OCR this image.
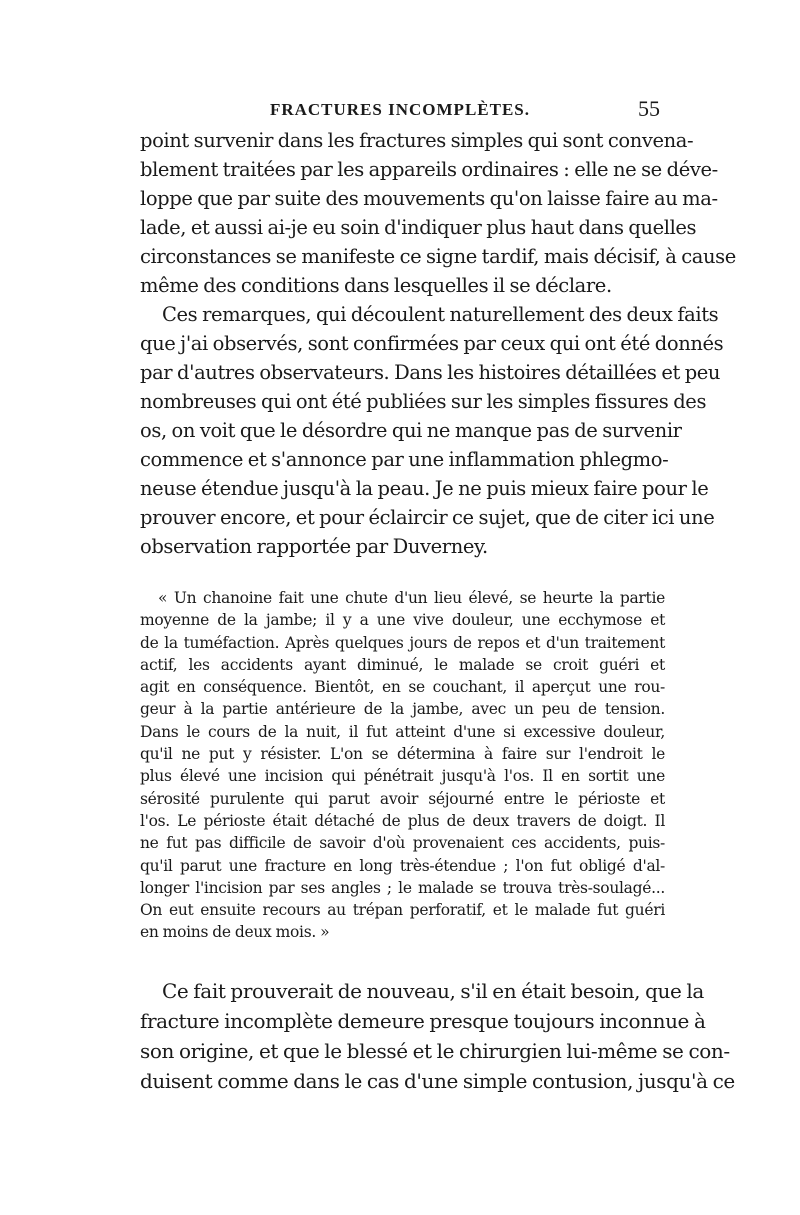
FRACTURES INCOMPLÈTES.	55
point survenir dans les fractures simples qui sont convena-
blement traitées par les appareils ordinaires : elle ne se déve-
loppe que par suite des mouvements qu'on laisse faire au ma-
lade, et aussi ai-je eu soin d'indiquer plus haut dans quelles
circonstances se manifeste ce signe tardif, mais décisif, à cause
même des conditions dans lesquelles il se déclare.
Ces remarques, qui découlent naturellement des deux faits
que j'ai observés, sont confirmées par ceux qui ont été donnés
par d'autres observateurs. Dans les histoires détaillées et peu
nombreuses qui ont été publiées sur les simples fissures des
os, on voit que le désordre qui ne manque pas de survenir
commence et s'annonce par une inflammation phlegmo-
neuse étendue jusqu'à la peau. Je ne puis mieux faire pour le
prouver encore, et pour éclaircir ce sujet, que de citer ici une
observation rapportée par Duverney.
« Un chanoine fait une chute d'un lieu élevé, se heurte la partie
moyenne de la jambe; il y a une vive douleur, une ecchymose et
de la tuméfaction. Après quelques jours de repos et d'un traitement
actif, les accidents ayant diminué, le malade se croit guéri et
agit en conséquence. Bientôt, en se couchant, il aperçut une rou-
geur à la partie antérieure de la jambe, avec un peu de tension.
Dans le cours de la nuit, il fut atteint d'une si excessive douleur,
qu'il ne put y résister. L'on se détermina à faire sur l'endroit le
plus élevé une incision qui pénétrait jusqu'à l'os. Il en sortit une
sérosité purulente qui parut avoir séjourné entre le périoste et
l'os. Le périoste était détaché de plus de deux travers de doigt. Il
ne fut pas difficile de savoir d'où provenaient ces accidents, puis-
qu'il parut une fracture en long très-étendue ; l'on fut obligé d'al-
longer l'incision par ses angles ; le malade se trouva très-soulagé...
On eut ensuite recours au trépan perforatif, et le malade fut guéri
en moins de deux mois. »
Ce fait prouverait de nouveau, s'il en était besoin, que la
fracture incomplète demeure presque toujours inconnue à
son origine, et que le blessé et le chirurgien lui-même se con-
duisent comme dans le cas d'une simple contusion, jusqu'à ce
